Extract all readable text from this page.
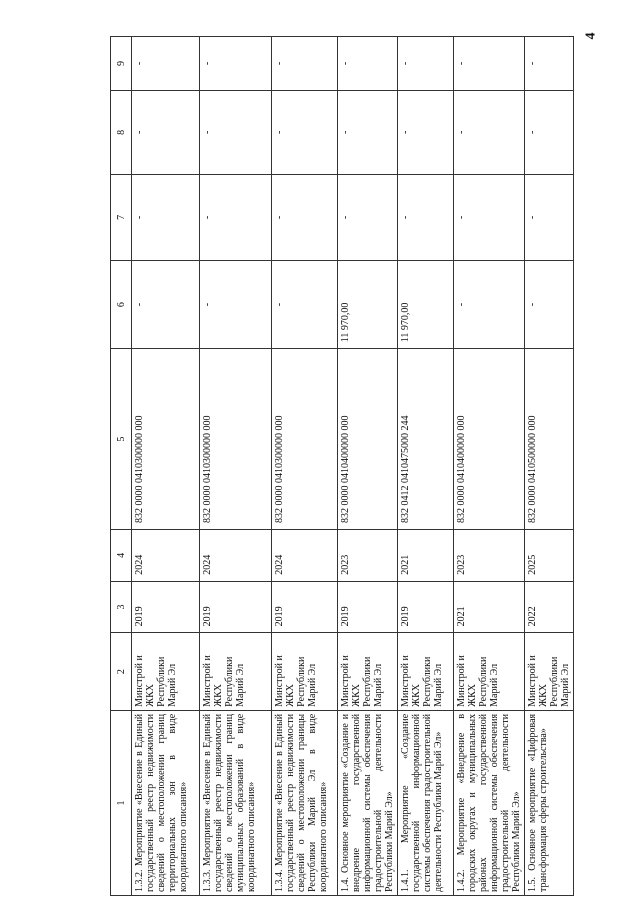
4
1	2	3	4	5	6	7	8	9
1.3.2. Мероприятие «Внесение в Единый государственный реестр недвижимости сведений о местоположении границ территориальных зон в виде координатного описания»	Минстрой и ЖКХ Республики Марий Эл	2019	2024	832 0000 0410300000 000	-	-	-	-
1.3.3. Мероприятие «Внесение в Единый государственный реестр недвижимости сведений о местоположении границ муниципальных образований в виде координатного описания»	Минстрой и ЖКХ Республики Марий Эл	2019	2024	832 0000 0410300000 000	-	-	-	-
1.3.4. Мероприятие «Внесение в Единый государственный реестр недвижимости сведений о местоположении границы Республики Марий Эл в виде координатного описания»	Минстрой и ЖКХ Республики Марий Эл	2019	2024	832 0000 0410300000 000	-	-	-	-
1.4. Основное мероприятие «Создание и внедрение государственной информационной системы обеспечения градостроительной деятельности Республики Марий Эл»	Минстрой и ЖКХ Республики Марий Эл	2019	2023	832 0000 0410400000 000	11 970,00	-	-	-
1.4.1. Мероприятие «Создание государственной информационной системы обеспечения градостроительной деятельности Республики Марий Эл»	Минстрой и ЖКХ Республики Марий Эл	2019	2021	832 0412 0410475000 244	11 970,00	-	-	-
1.4.2. Мероприятие «Внедрение в городских округах и муниципальных районах государственной информационной системы обеспечения градостроительной деятельности Республики Марий Эл»	Минстрой и ЖКХ Республики Марий Эл	2021	2023	832 0000 0410400000 000	-	-	-	-
1.5. Основное мероприятие «Цифровая трансформация сферы строительства»	Минстрой и ЖКХ Республики Марий Эл	2022	2025	832 0000 0410500000 000	-	-	-	-
